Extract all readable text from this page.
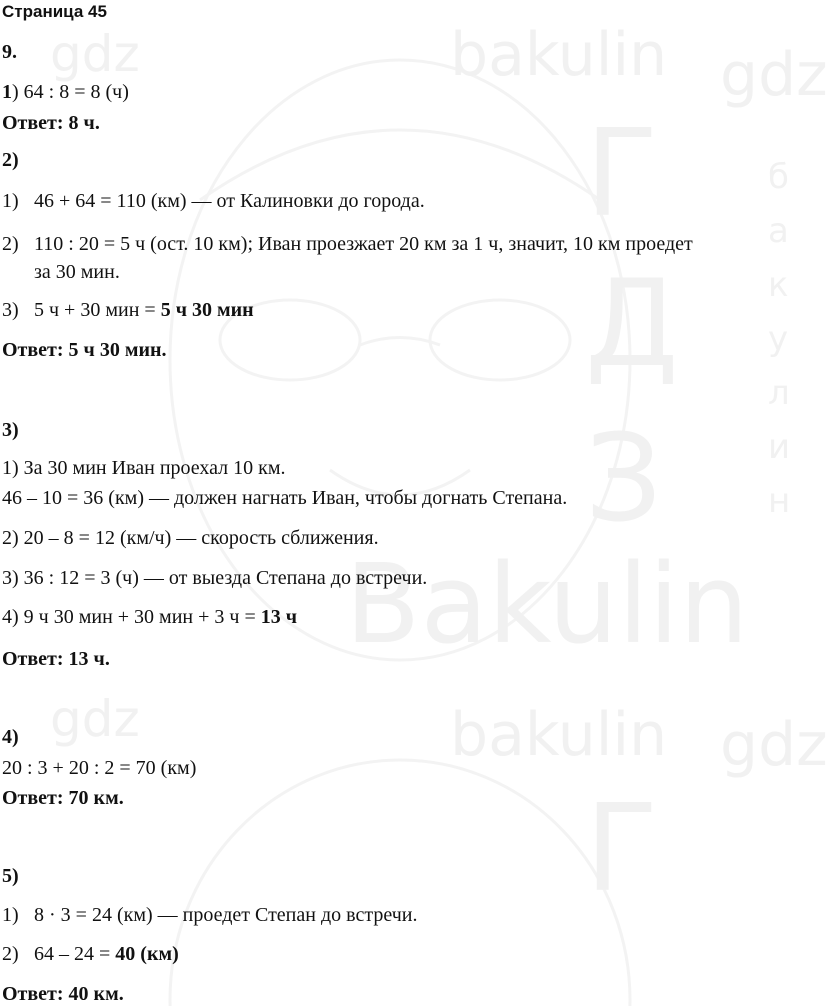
gdz	bakulin gdz
Г
Д
З
Bakulin
gdz	bakulin gdz
Г
б
а
к
у
л
и
н
Страница 45
9.
1) 64 : 8 = 8 (ч)
Ответ: 8 ч.
2)
1) 46 + 64 = 110 (км) — от Калиновки до города.
2) 110 : 20 = 5 ч (ост. 10 км); Иван проезжает 20 км за 1 ч, значит, 10 км проедет
за 30 мин.
3) 5 ч + 30 мин = 5 ч 30 мин
Ответ: 5 ч 30 мин.
3)
1) За 30 мин Иван проехал 10 км.
46 – 10 = 36 (км) — должен нагнать Иван, чтобы догнать Степана.
2) 20 – 8 = 12 (км/ч) — скорость сближения.
3) 36 : 12 = 3 (ч) — от выезда Степана до встречи.
4) 9 ч 30 мин + 30 мин + 3 ч = 13 ч
Ответ: 13 ч.
4)
20 : 3 + 20 : 2 = 70 (км)
Ответ: 70 км.
5)
1) 8 · 3 = 24 (км) — проедет Степан до встречи.
2) 64 – 24 = 40 (км)
Ответ: 40 км.
